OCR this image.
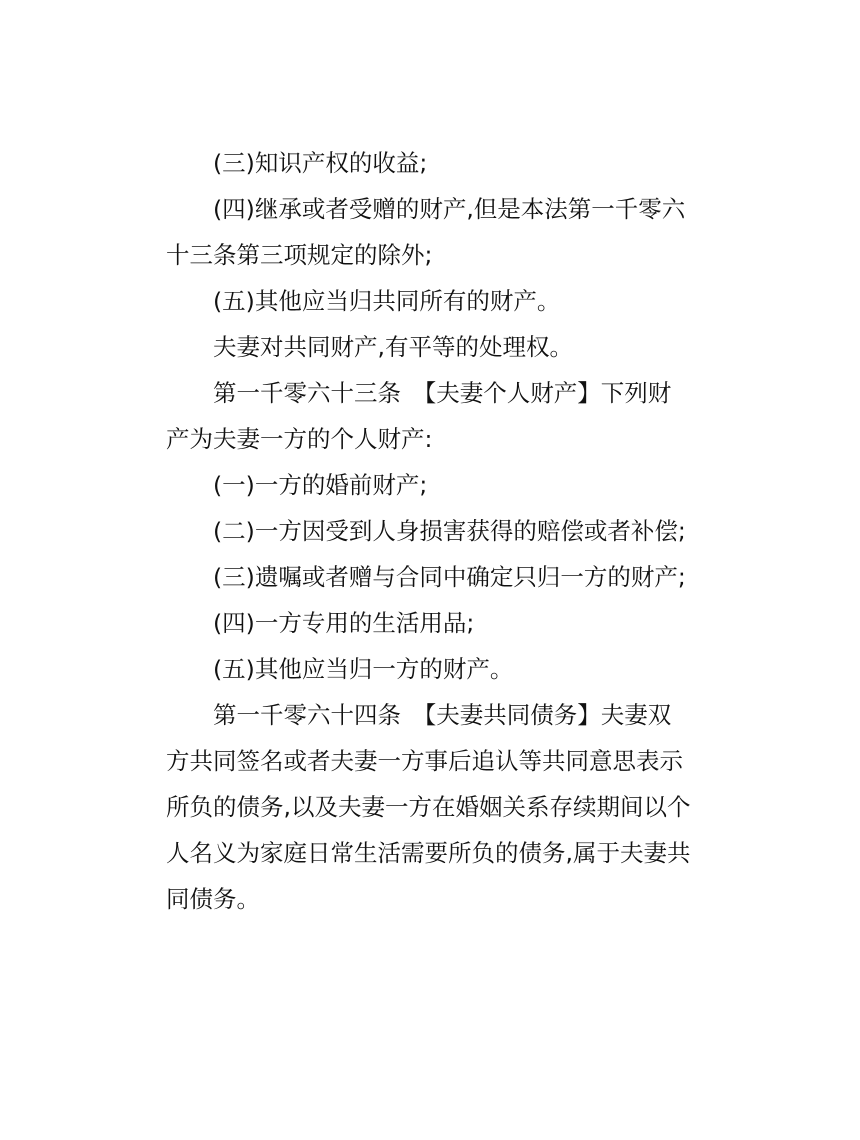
(三)知识产权的收益;
(四)继承或者受赠的财产,但是本法第一千零六
十三条第三项规定的除外;
(五)其他应当归共同所有的财产。
夫妻对共同财产,有平等的处理权。
第一千零六十三条　【夫妻个人财产】下列财
产为夫妻一方的个人财产:
(一)一方的婚前财产;
(二)一方因受到人身损害获得的赔偿或者补偿;
(三)遗嘱或者赠与合同中确定只归一方的财产;
(四)一方专用的生活用品;
(五)其他应当归一方的财产。
第一千零六十四条　【夫妻共同债务】夫妻双
方共同签名或者夫妻一方事后追认等共同意思表示
所负的债务,以及夫妻一方在婚姻关系存续期间以个
人名义为家庭日常生活需要所负的债务,属于夫妻共
同债务。
